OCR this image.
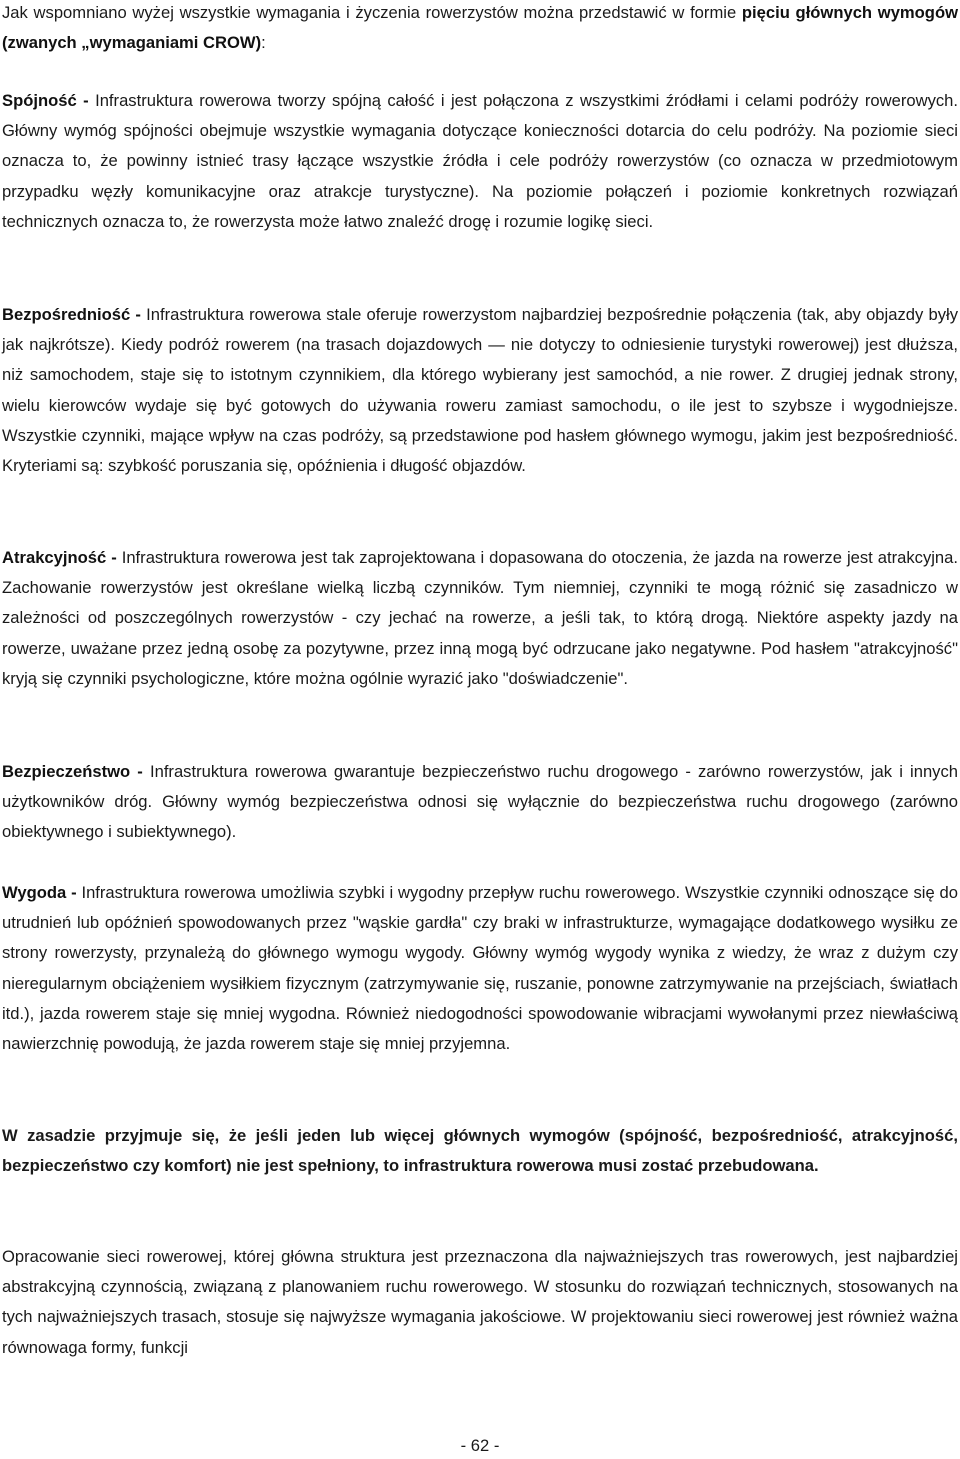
Jak wspomniano wyżej wszystkie wymagania i życzenia rowerzystów można przedstawić w formie pięciu głównych wymogów (zwanych „wymaganiami CROW):

Spójność - Infrastruktura rowerowa tworzy spójną całość i jest połączona z wszystkimi źródłami i celami podróży rowerowych. Główny wymóg spójności obejmuje wszystkie wymagania dotyczące konieczności dotarcia do celu podróży. Na poziomie sieci oznacza to, że powinny istnieć trasy łączące wszystkie źródła i cele podróży rowerzystów (co oznacza w przedmiotowym przypadku węzły komunikacyjne oraz atrakcje turystyczne). Na poziomie połączeń i poziomie konkretnych rozwiązań technicznych oznacza to, że rowerzysta może łatwo znaleźć drogę i rozumie logikę sieci.

Bezpośredniość - Infrastruktura rowerowa stale oferuje rowerzystom najbardziej bezpośrednie połączenia (tak, aby objazdy były jak najkrótsze). Kiedy podróż rowerem (na trasach dojazdowych — nie dotyczy to odniesienie turystyki rowerowej) jest dłuższa, niż samochodem, staje się to istotnym czynnikiem, dla którego wybierany jest samochód, a nie rower. Z drugiej jednak strony, wielu kierowców wydaje się być gotowych do używania roweru zamiast samochodu, o ile jest to szybsze i wygodniejsze. Wszystkie czynniki, mające wpływ na czas podróży, są przedstawione pod hasłem głównego wymogu, jakim jest bezpośredniość. Kryteriami są: szybkość poruszania się, opóźnienia i długość objazdów.

Atrakcyjność - Infrastruktura rowerowa jest tak zaprojektowana i dopasowana do otoczenia, że jazda na rowerze jest atrakcyjna. Zachowanie rowerzystów jest określane wielką liczbą czynników. Tym niemniej, czynniki te mogą różnić się zasadniczo w zależności od poszczególnych rowerzystów - czy jechać na rowerze, a jeśli tak, to którą drogą. Niektóre aspekty jazdy na rowerze, uważane przez jedną osobę za pozytywne, przez inną mogą być odrzucane jako negatywne. Pod hasłem "atrakcyjność" kryją się czynniki psychologiczne, które można ogólnie wyrazić jako "doświadczenie".

Bezpieczeństwo - Infrastruktura rowerowa gwarantuje bezpieczeństwo ruchu drogowego - zarówno rowerzystów, jak i innych użytkowników dróg. Główny wymóg bezpieczeństwa odnosi się wyłącznie do bezpieczeństwa ruchu drogowego (zarówno obiektywnego i subiektywnego).

Wygoda - Infrastruktura rowerowa umożliwia szybki i wygodny przepływ ruchu rowerowego. Wszystkie czynniki odnoszące się do utrudnień lub opóźnień spowodowanych przez "wąskie gardła" czy braki w infrastrukturze, wymagające dodatkowego wysiłku ze strony rowerzysty, przynależą do głównego wymogu wygody. Główny wymóg wygody wynika z wiedzy, że wraz z dużym czy nieregularnym obciążeniem wysiłkiem fizycznym (zatrzymywanie się, ruszanie, ponowne zatrzymywanie na przejściach, światłach itd.), jazda rowerem staje się mniej wygodna. Również niedogodności spowodowanie wibracjami wywołanymi przez niewłaściwą nawierzchnię powodują, że jazda rowerem staje się mniej przyjemna.

W zasadzie przyjmuje się, że jeśli jeden lub więcej głównych wymogów (spójność, bezpośredniość, atrakcyjność, bezpieczeństwo czy komfort) nie jest spełniony, to infrastruktura rowerowa musi zostać przebudowana.

Opracowanie sieci rowerowej, której główna struktura jest przeznaczona dla najważniejszych tras rowerowych, jest najbardziej abstrakcyjną czynnością, związaną z planowaniem ruchu rowerowego. W stosunku do rozwiązań technicznych, stosowanych na tych najważniejszych trasach, stosuje się najwyższe wymagania jakościowe. W projektowaniu sieci rowerowej jest również ważna równowaga formy, funkcji

- 62 -
